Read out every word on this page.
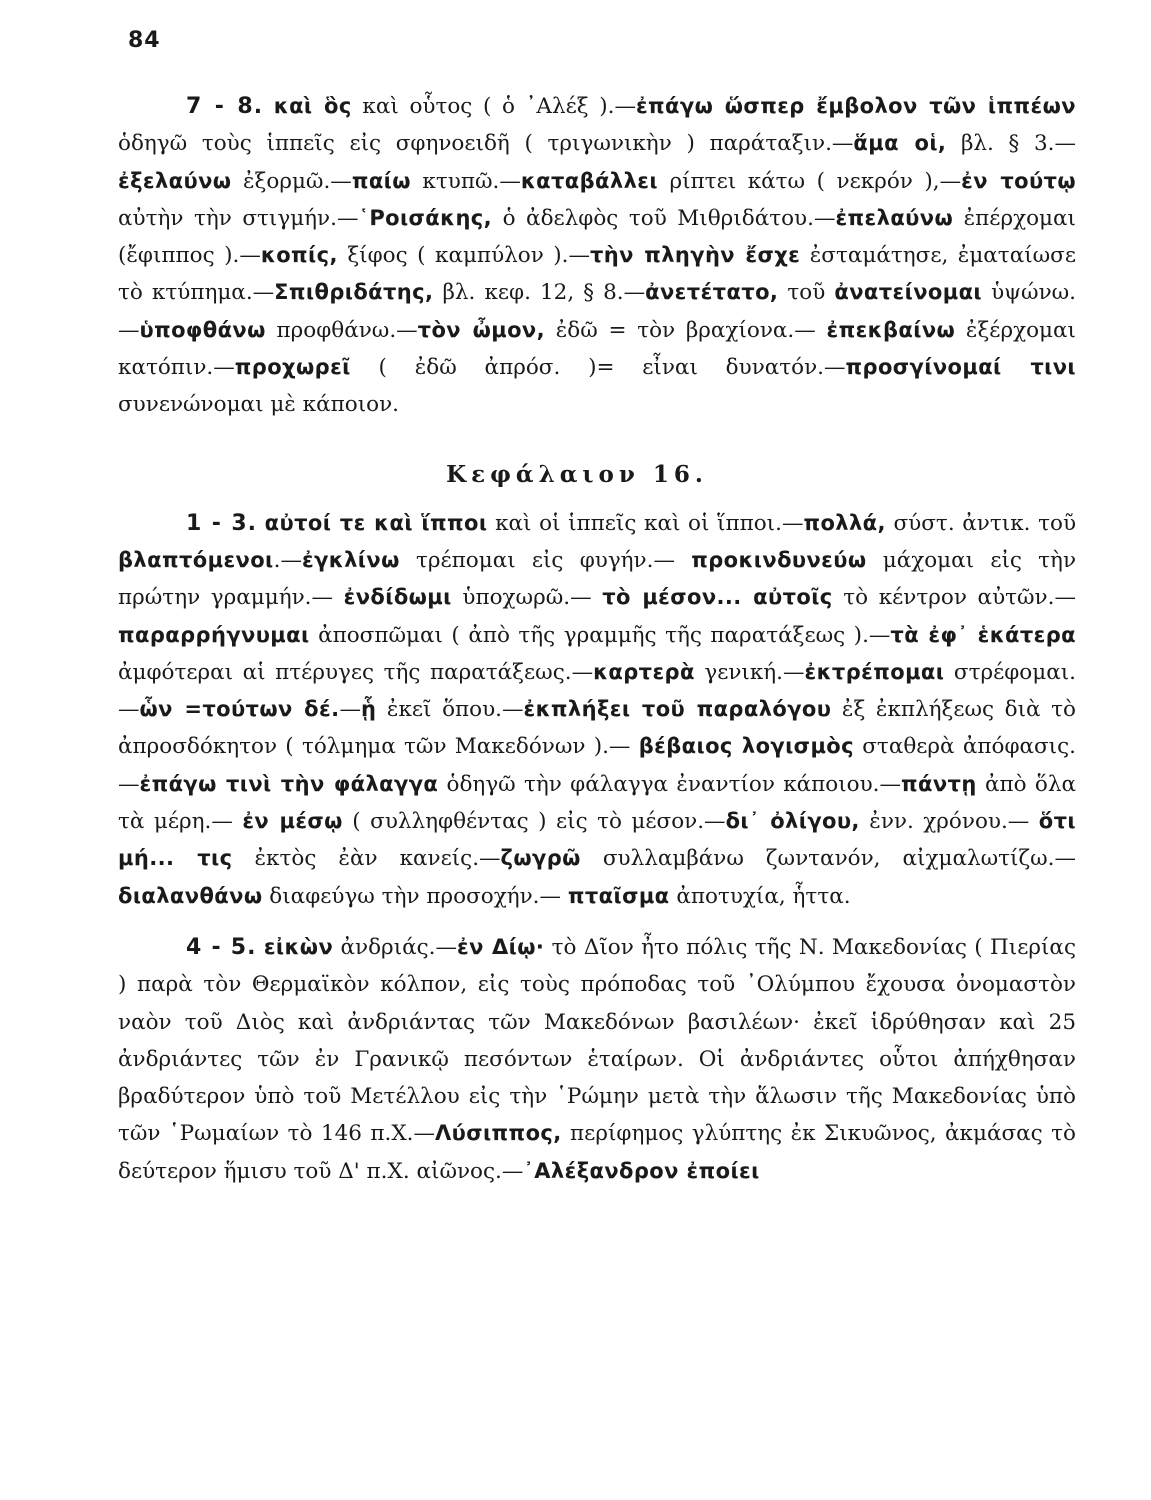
84

7 - 8. καὶ ὃς καὶ οὗτος ( ὁ ᾿Αλέξ ).—ἐπάγω ὥσπερ ἔμβολον τῶν ἱππέων ὁδηγῶ τοὺς ἱππεῖς εἰς σφηνοειδῆ ( τριγωνικὴν ) παράταξιν.—ἅμα οἱ, βλ. § 3.—ἐξελαύνω ἐξορμῶ.—παίω κτυπῶ.—καταβάλλει ρίπτει κάτω ( νεκρόν ),—ἐν τούτῳ αὐτὴν τὴν στιγμήν.—῾Ροισάκης, ὁ ἀδελφὸς τοῦ Μιθριδάτου.—ἐπελαύνω ἐπέρχομαι (ἔφιππος ).—κοπίς, ξίφος ( καμπύλον ).—τὴν πληγὴν ἔσχε ἐσταμάτησε, ἐματαίωσε τὸ κτύπημα.—Σπιθριδάτης, βλ. κεφ. 12, § 8.—ἀνετέτατο, τοῦ ἀνατείνομαι ὑψώνω.—ὑποφθάνω προφθάνω.—τὸν ὦμον, ἐδῶ = τὸν βραχίονα.— ἐπεκβαίνω ἐξέρχομαι κατόπιν.—προχωρεῖ ( ἐδῶ ἀπρόσ. )= εἶναι δυνατόν.—προσγίνομαί τινι συνενώνομαι μὲ κάποιον.

Κεφάλαιον 16.

1 - 3. αὐτοί τε καὶ ἵπποι καὶ οἱ ἱππεῖς καὶ οἱ ἵπποι.—πολλά, σύστ. ἀντικ. τοῦ βλαπτόμενοι.—ἐγκλίνω τρέπομαι εἰς φυγήν.— προκινδυνεύω μάχομαι εἰς τὴν πρώτην γραμμήν.— ἐνδίδωμι ὑποχωρῶ.— τὸ μέσον... αὐτοῖς τὸ κέντρον αὐτῶν.—παραρρήγνυμαι ἀποσπῶμαι ( ἀπὸ τῆς γραμμῆς τῆς παρατάξεως ).—τὰ ἐφ᾿ ἑκάτερα ἀμφότεραι αἱ πτέρυγες τῆς παρατάξεως.—καρτερὰ γενική.—ἐκτρέπομαι στρέφομαι.—ὧν =τούτων δέ.—ᾗ ἐκεῖ ὅπου.—ἐκπλήξει τοῦ παραλόγου ἐξ ἐκπλήξεως διὰ τὸ ἀπροσδόκητον ( τόλμημα τῶν Μακεδόνων ).— βέβαιος λογισμὸς σταθερὰ ἀπόφασις.—ἐπάγω τινὶ τὴν φάλαγγα ὁδηγῶ τὴν φάλαγγα ἐναντίον κάποιου.—πάντῃ ἀπὸ ὅλα τὰ μέρη.— ἐν μέσῳ ( συλληφθέντας ) εἰς τὸ μέσον.—δι᾿ ὀλίγου, ἐνν. χρόνου.— ὅτι μή... τις ἐκτὸς ἐὰν κανείς.—ζωγρῶ συλλαμβάνω ζωντανόν, αἰχμαλωτίζω.—διαλανθάνω διαφεύγω τὴν προσοχήν.— πταῖσμα ἀποτυχία, ἧττα.

4 - 5. εἰκὼν ἀνδριάς.—ἐν Δίῳ· τὸ Δῖον ἦτο πόλις τῆς Ν. Μακεδονίας ( Πιερίας ) παρὰ τὸν Θερμαϊκὸν κόλπον, εἰς τοὺς πρόποδας τοῦ ᾿Ολύμπου ἔχουσα ὀνομαστὸν ναὸν τοῦ Διὸς καὶ ἀνδριάντας τῶν Μακεδόνων βασιλέων· ἐκεῖ ἱδρύθησαν καὶ 25 ἀνδριάντες τῶν ἐν Γρανικῷ πεσόντων ἑταίρων. Οἱ ἀνδριάντες οὗτοι ἀπήχθησαν βραδύτερον ὑπὸ τοῦ Μετέλλου εἰς τὴν ῾Ρώμην μετὰ τὴν ἅλωσιν τῆς Μακεδονίας ὑπὸ τῶν ῾Ρωμαίων τὸ 146 π.Χ.—Λύσιππος, περίφημος γλύπτης ἐκ Σικυῶνος, ἀκμάσας τὸ δεύτερον ἥμισυ τοῦ Δ' π.Χ. αἰῶνος.—᾿Αλέξανδρον ἐποίει
